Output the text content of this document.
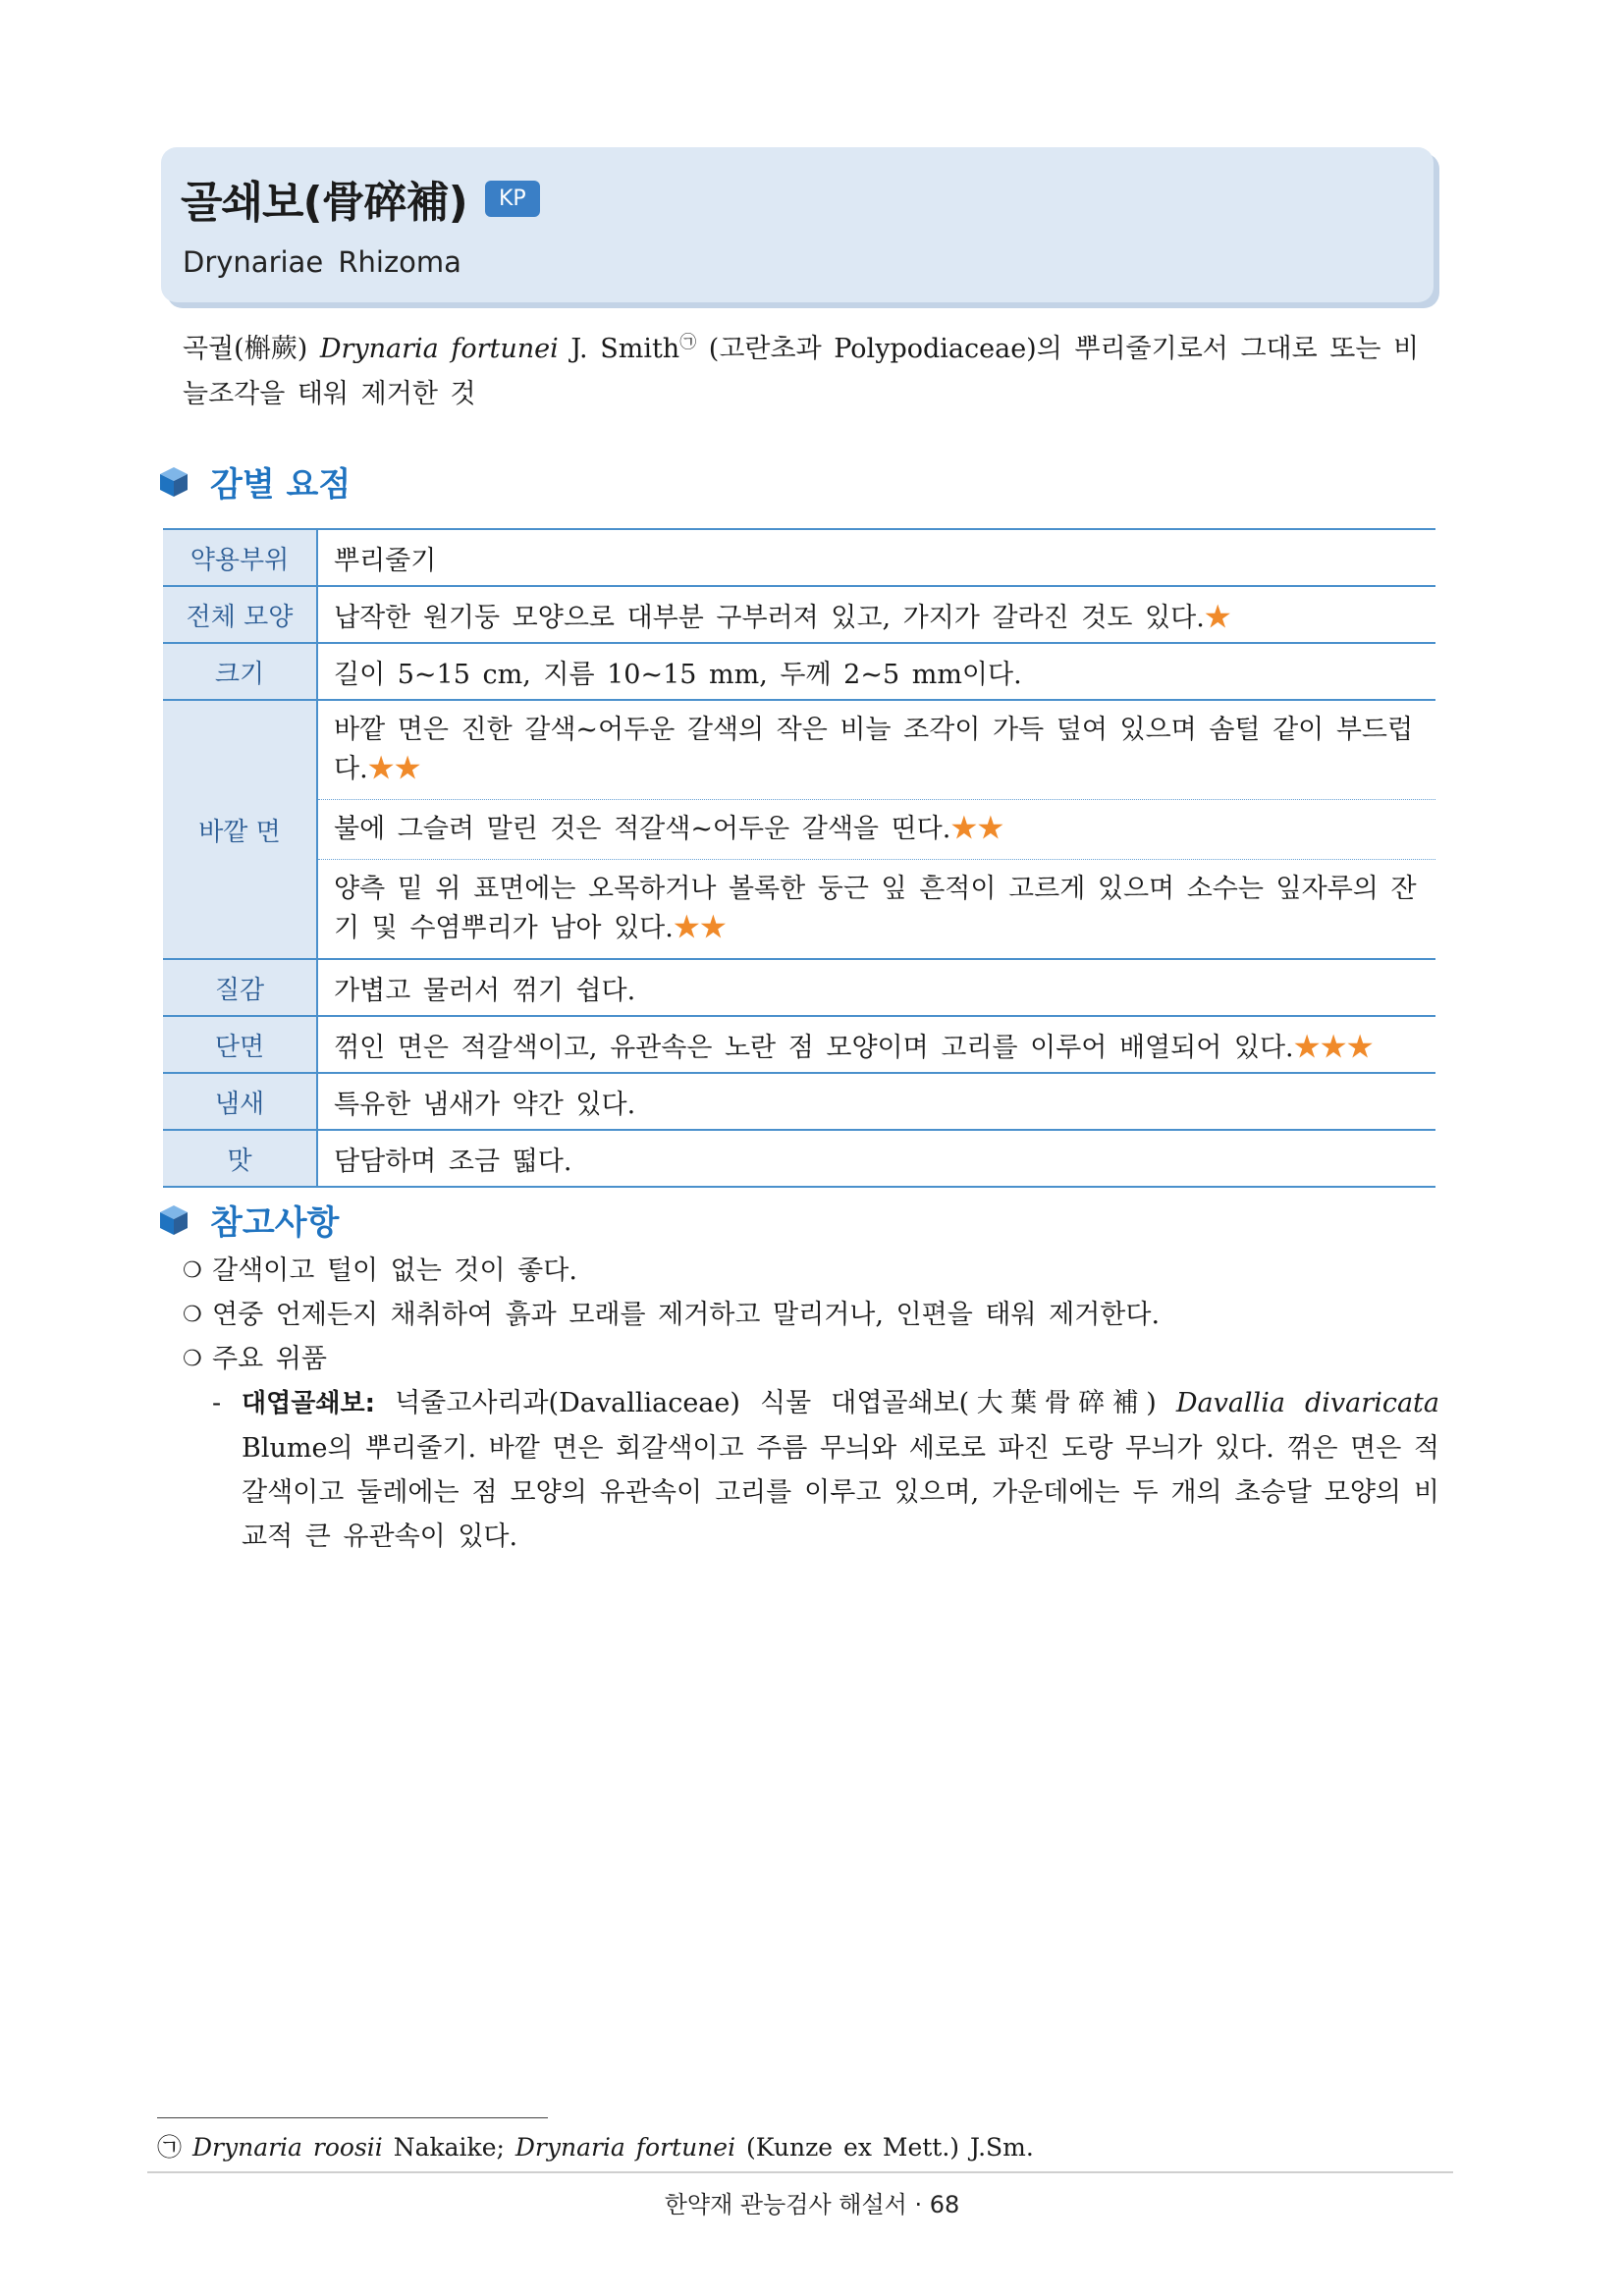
골쇄보(骨碎補)	KP
Drynariae Rhizoma
곡궐(槲蕨) Drynaria fortunei J. Smith㉠ (고란초과 Polypodiaceae)의 뿌리줄기로서 그대로 또는 비늘조각을 태워 제거한 것
감별 요점
약용부위	뿌리줄기
전체 모양	납작한 원기둥 모양으로 대부분 구부러져 있고, 가지가 갈라진 것도 있다.★
크기	길이 5~15 cm, 지름 10~15 mm, 두께 2~5 mm이다.
바깥 면	바깥 면은 진한 갈색~어두운 갈색의 작은 비늘 조각이 가득 덮여 있으며 솜털 같이 부드럽다.★★
불에 그슬려 말린 것은 적갈색~어두운 갈색을 띤다.★★
양측 밑 위 표면에는 오목하거나 볼록한 둥근 잎 흔적이 고르게 있으며 소수는 잎자루의 잔기 및 수염뿌리가 남아 있다.★★

질감	가볍고 물러서 꺾기 쉽다.
단면	꺾인 면은 적갈색이고, 유관속은 노란 점 모양이며 고리를 이루어 배열되어 있다.★★★
냄새	특유한 냄새가 약간 있다.
맛	담담하며 조금 떫다.
참고사항
❍ 갈색이고 털이 없는 것이 좋다.
❍ 연중 언제든지 채취하여 흙과 모래를 제거하고 말리거나, 인편을 태워 제거한다.
❍ 주요 위품
- 대엽골쇄보: 넉줄고사리과(Davalliaceae) 식물 대엽골쇄보(大葉骨碎補) Davallia divaricata Blume의 뿌리줄기. 바깥 면은 회갈색이고 주름 무늬와 세로로 파진 도랑 무늬가 있다. 꺾은 면은 적갈색이고 둘레에는 점 모양의 유관속이 고리를 이루고 있으며, 가운데에는 두 개의 초승달 모양의 비교적 큰 유관속이 있다.
㉠ Drynaria roosii Nakaike; Drynaria fortunei (Kunze ex Mett.) J.Sm.
한약재 관능검사 해설서 · 68
